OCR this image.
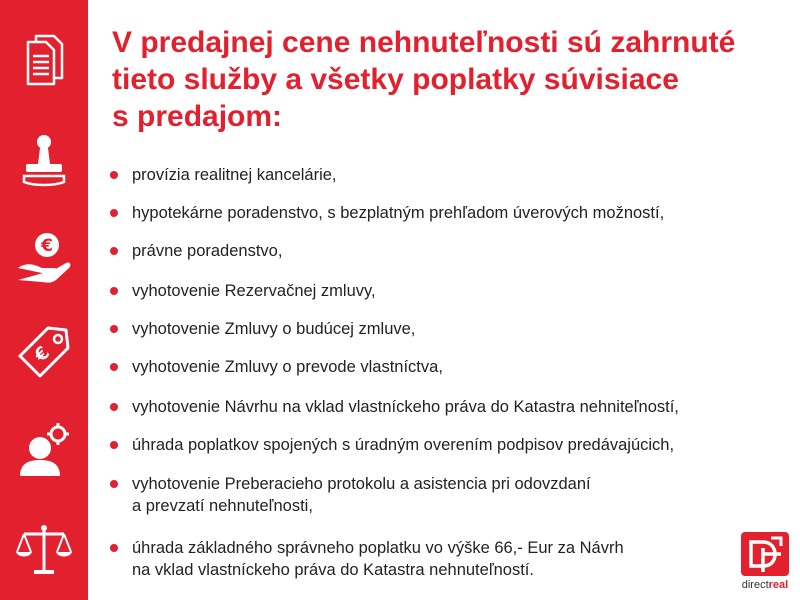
€
€
V predajnej cene nehnuteľnosti sú zahrnuté
tieto služby a všetky poplatky súvisiace
s predajom:
provízia realitnej kancelárie,
hypotekárne poradenstvo, s bezplatným prehľadom úverových možností,
právne poradenstvo,
vyhotovenie Rezervačnej zmluvy,
vyhotovenie Zmluvy o budúcej zmluve,
vyhotovenie Zmluvy o prevode vlastníctva,
vyhotovenie Návrhu na vklad vlastníckeho práva do Katastra nehniteľností,
úhrada poplatkov spojených s úradným overením podpisov predávajúcich,
vyhotovenie Preberacieho protokolu a asistencia pri odovzdaní
a prevzatí nehnuteľnosti,
úhrada základného správneho poplatku vo výške 66,- Eur za Návrh
na vklad vlastníckeho práva do Katastra nehnuteľností.
directreal
